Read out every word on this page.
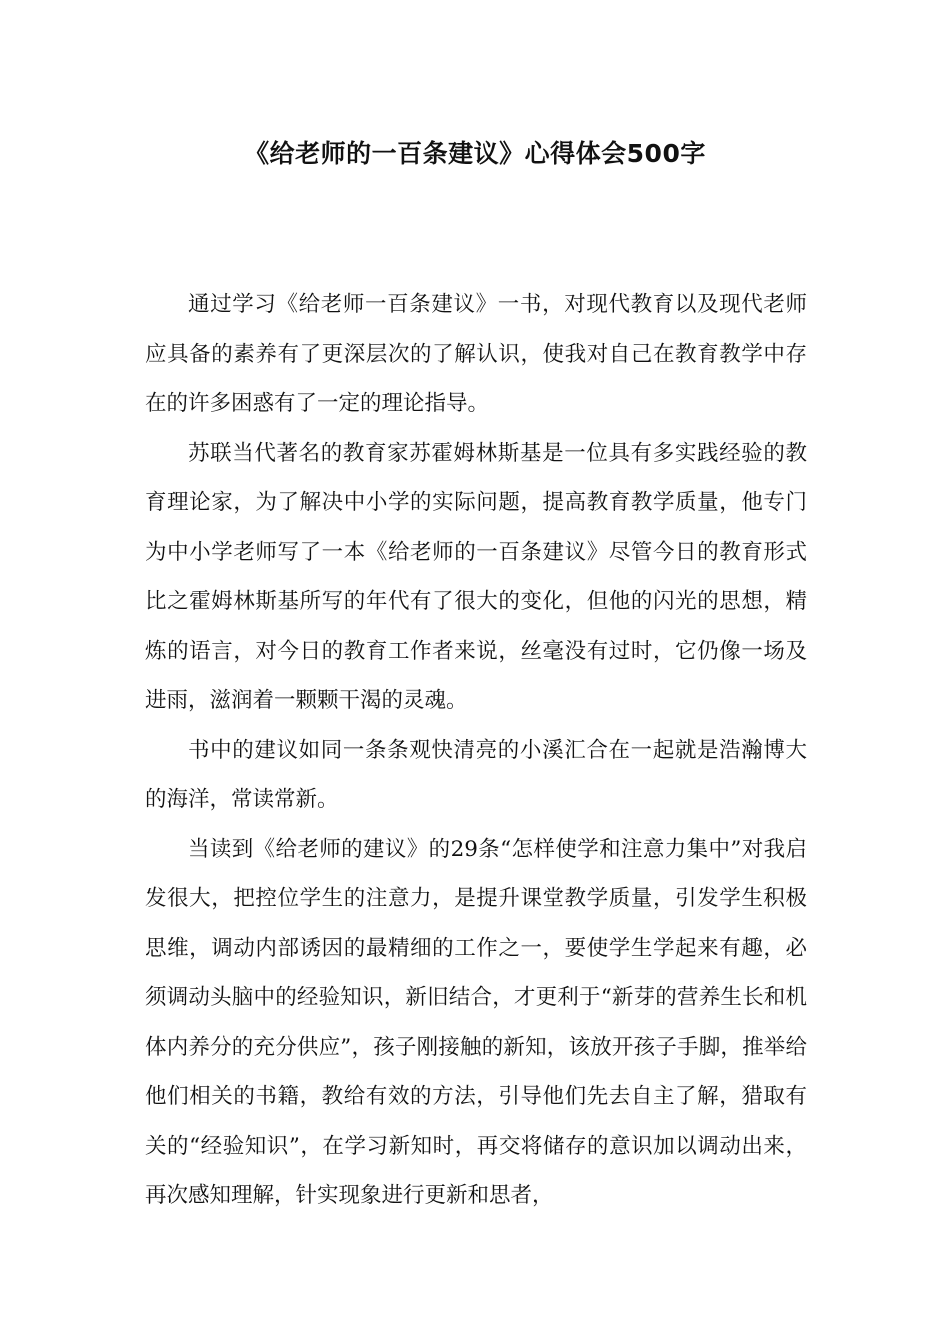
《给老师的一百条建议》心得体会500字

通过学习《给老师一百条建议》一书，对现代教育以及现代老师应具备的素养有了更深层次的了解认识，使我对自己在教育教学中存在的许多困惑有了一定的理论指导。

苏联当代著名的教育家苏霍姆林斯基是一位具有多实践经验的教育理论家，为了解决中小学的实际问题，提高教育教学质量，他专门为中小学老师写了一本《给老师的一百条建议》尽管今日的教育形式比之霍姆林斯基所写的年代有了很大的变化，但他的闪光的思想，精炼的语言，对今日的教育工作者来说，丝毫没有过时，它仍像一场及进雨，滋润着一颗颗干渴的灵魂。

书中的建议如同一条条观快清亮的小溪汇合在一起就是浩瀚博大的海洋，常读常新。

当读到《给老师的建议》的29条“怎样使学和注意力集中”对我启发很大，把控位学生的注意力，是提升课堂教学质量，引发学生积极思维，调动内部诱因的最精细的工作之一，要使学生学起来有趣，必须调动头脑中的经验知识，新旧结合，才更利于“新芽的营养生长和机体内养分的充分供应”，孩子刚接触的新知，该放开孩子手脚，推举给他们相关的书籍，教给有效的方法，引导他们先去自主了解，猎取有关的“经验知识”，在学习新知时，再交将储存的意识加以调动出来，再次感知理解，针实现象进行更新和思者，
